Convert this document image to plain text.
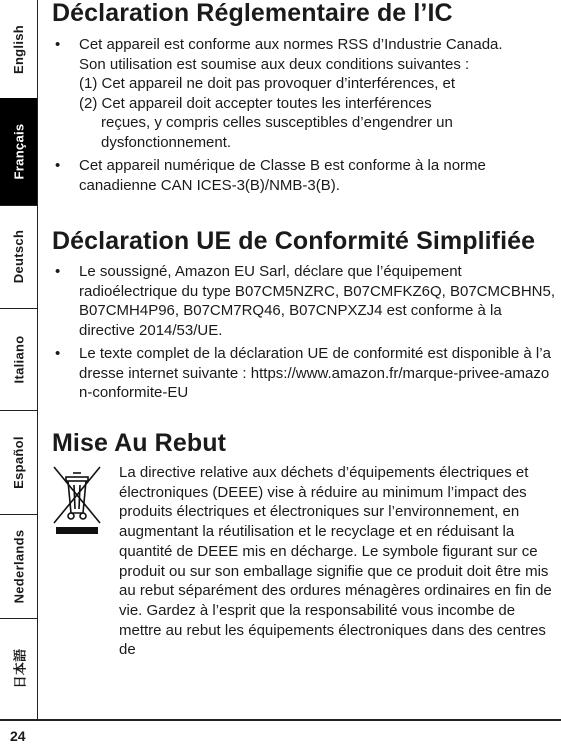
English
Français
Deutsch
Italiano
Español
Nederlands
日本語
24
Déclaration Réglementaire de l’IC
• Cet appareil est conforme aux normes RSS d’Industrie Canada.
Son utilisation est soumise aux deux conditions suivantes :
(1) Cet appareil ne doit pas provoquer d’interférences, et
(2) Cet appareil doit accepter toutes les interférences
reçues, y compris celles susceptibles d’engendrer un
dysfonctionnement.
• Cet appareil numérique de Classe B est conforme à la norme canadienne CAN ICES-3(B)/NMB-3(B).
Déclaration UE de Conformité Simplifiée
• Le soussigné, Amazon EU Sarl, déclare que l’équipement radioélectrique du type B07CM5NZRC, B07CMFKZ6Q, B07CMCBHN5, B07CMH4P96, B07CM7RQ46, B07CNPXZJ4 est conforme à la directive 2014/53/UE.
• Le texte complet de la déclaration UE de conformité est disponible à l’adresse internet suivante : https://www.amazon.fr/marque-privee-amazon-conformite-EU
Mise Au Rebut
La directive relative aux déchets d’équipements électriques et électroniques (DEEE) vise à réduire au minimum l’impact des produits électriques et électroniques sur l’environnement, en augmentant la réutilisation et le recyclage et en réduisant la quantité de DEEE mis en décharge. Le symbole figurant sur ce produit ou sur son emballage signifie que ce produit doit être mis au rebut séparément des ordures ménagères ordinaires en fin de vie. Gardez à l’esprit que la responsabilité vous incombe de mettre au rebut les équipements électroniques dans des centres de
